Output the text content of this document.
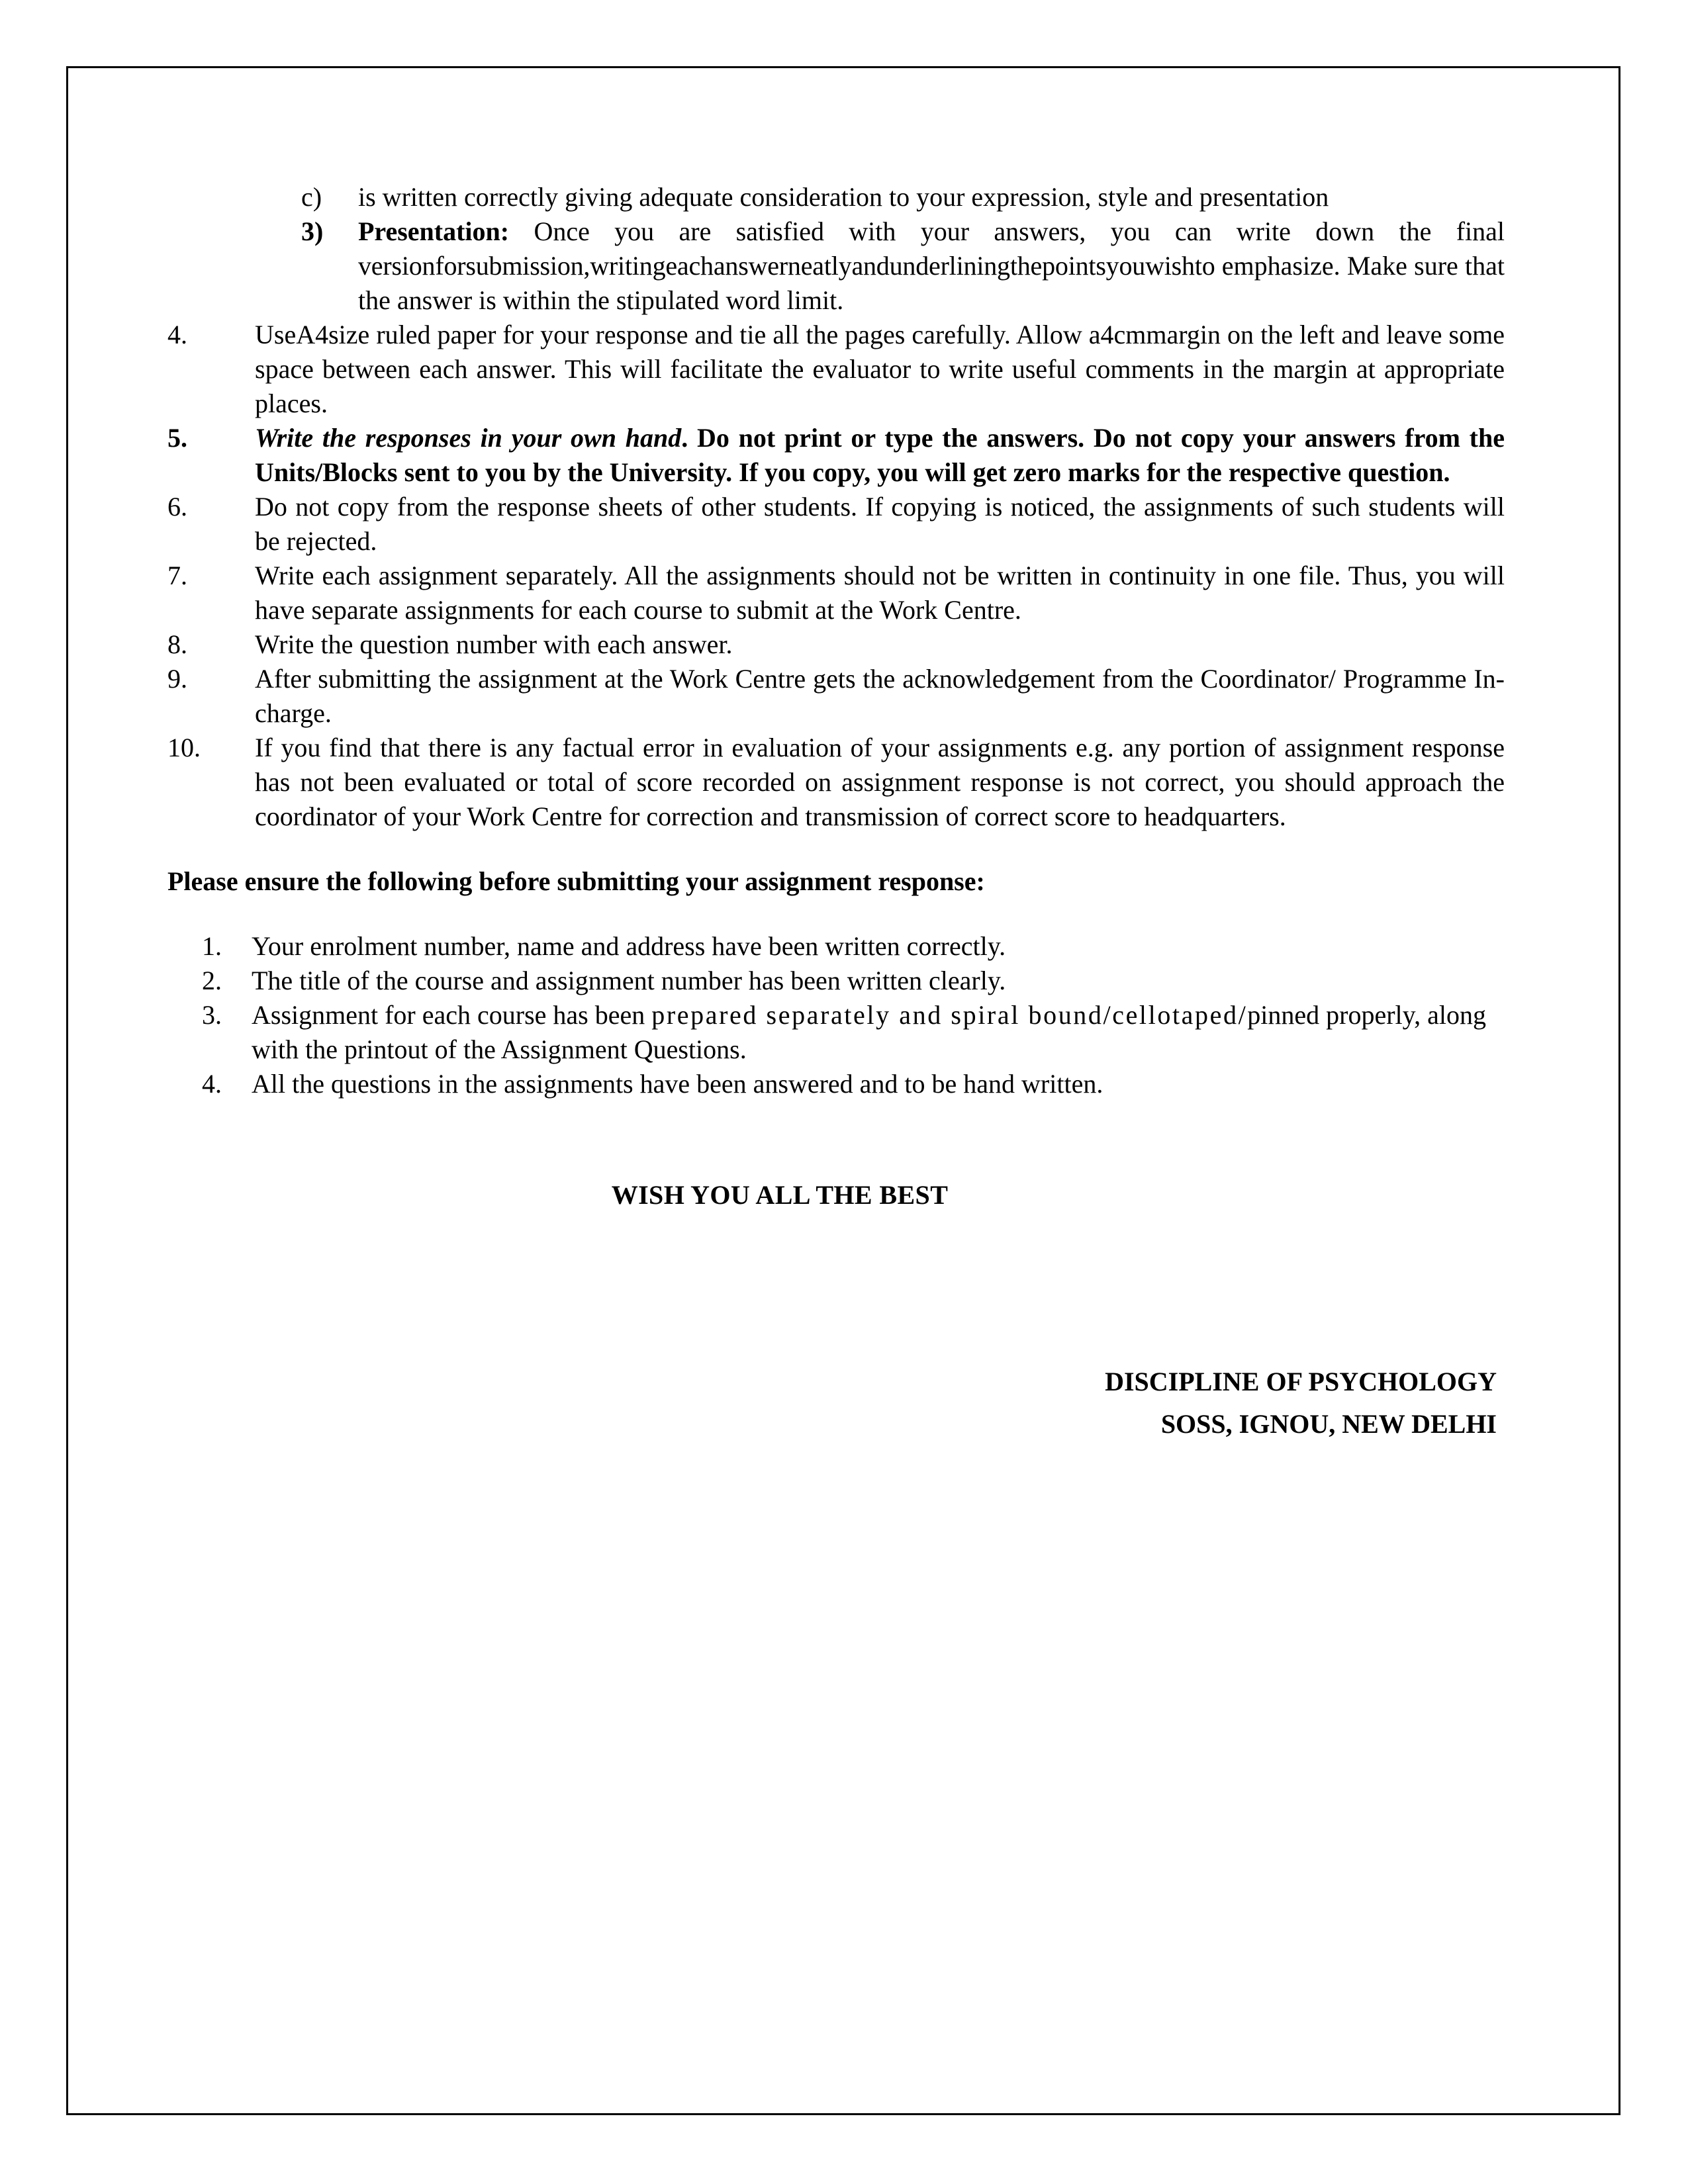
c)	is written correctly giving adequate consideration to your expression, style and presentation
3)	Presentation: Once you are satisfied with your answers, you can write down the final versionforsubmission,writingeachanswerneatlyandunderliningthepointsyouwishto emphasize. Make sure that the answer is within the stipulated word limit.
4.	UseA4size ruled paper for your response and tie all the pages carefully. Allow a4cmmargin on the left and leave some space between each answer. This will facilitate the evaluator to write useful comments in the margin at appropriate places.
5.	Write the responses in your own hand. Do not print or type the answers. Do not copy your answers from the Units/Blocks sent to you by the University. If you copy, you will get zero marks for the respective question.
6.	Do not copy from the response sheets of other students. If copying is noticed, the assignments of such students will be rejected.
7.	Write each assignment separately. All the assignments should not be written in continuity in one file. Thus, you will have separate assignments for each course to submit at the Work Centre.
8.	Write the question number with each answer.
9.	After submitting the assignment at the Work Centre gets the acknowledgement from the Coordinator/ Programme In-charge.
10.	If you find that there is any factual error in evaluation of your assignments e.g. any portion of assignment response has not been evaluated or total of score recorded on assignment response is not correct, you should approach the coordinator of your Work Centre for correction and transmission of correct score to headquarters.
Please ensure the following before submitting your assignment response:
1.	Your enrolment number, name and address have been written correctly.
2.	The title of the course and assignment number has been written clearly.
3.	Assignment for each course has been prepared separately and spiral bound/cellotaped/pinned properly, along with the printout of the Assignment Questions.
4.	All the questions in the assignments have been answered and to be hand written.
WISH YOU ALL THE BEST
DISCIPLINE OF PSYCHOLOGY
SOSS, IGNOU, NEW DELHI
